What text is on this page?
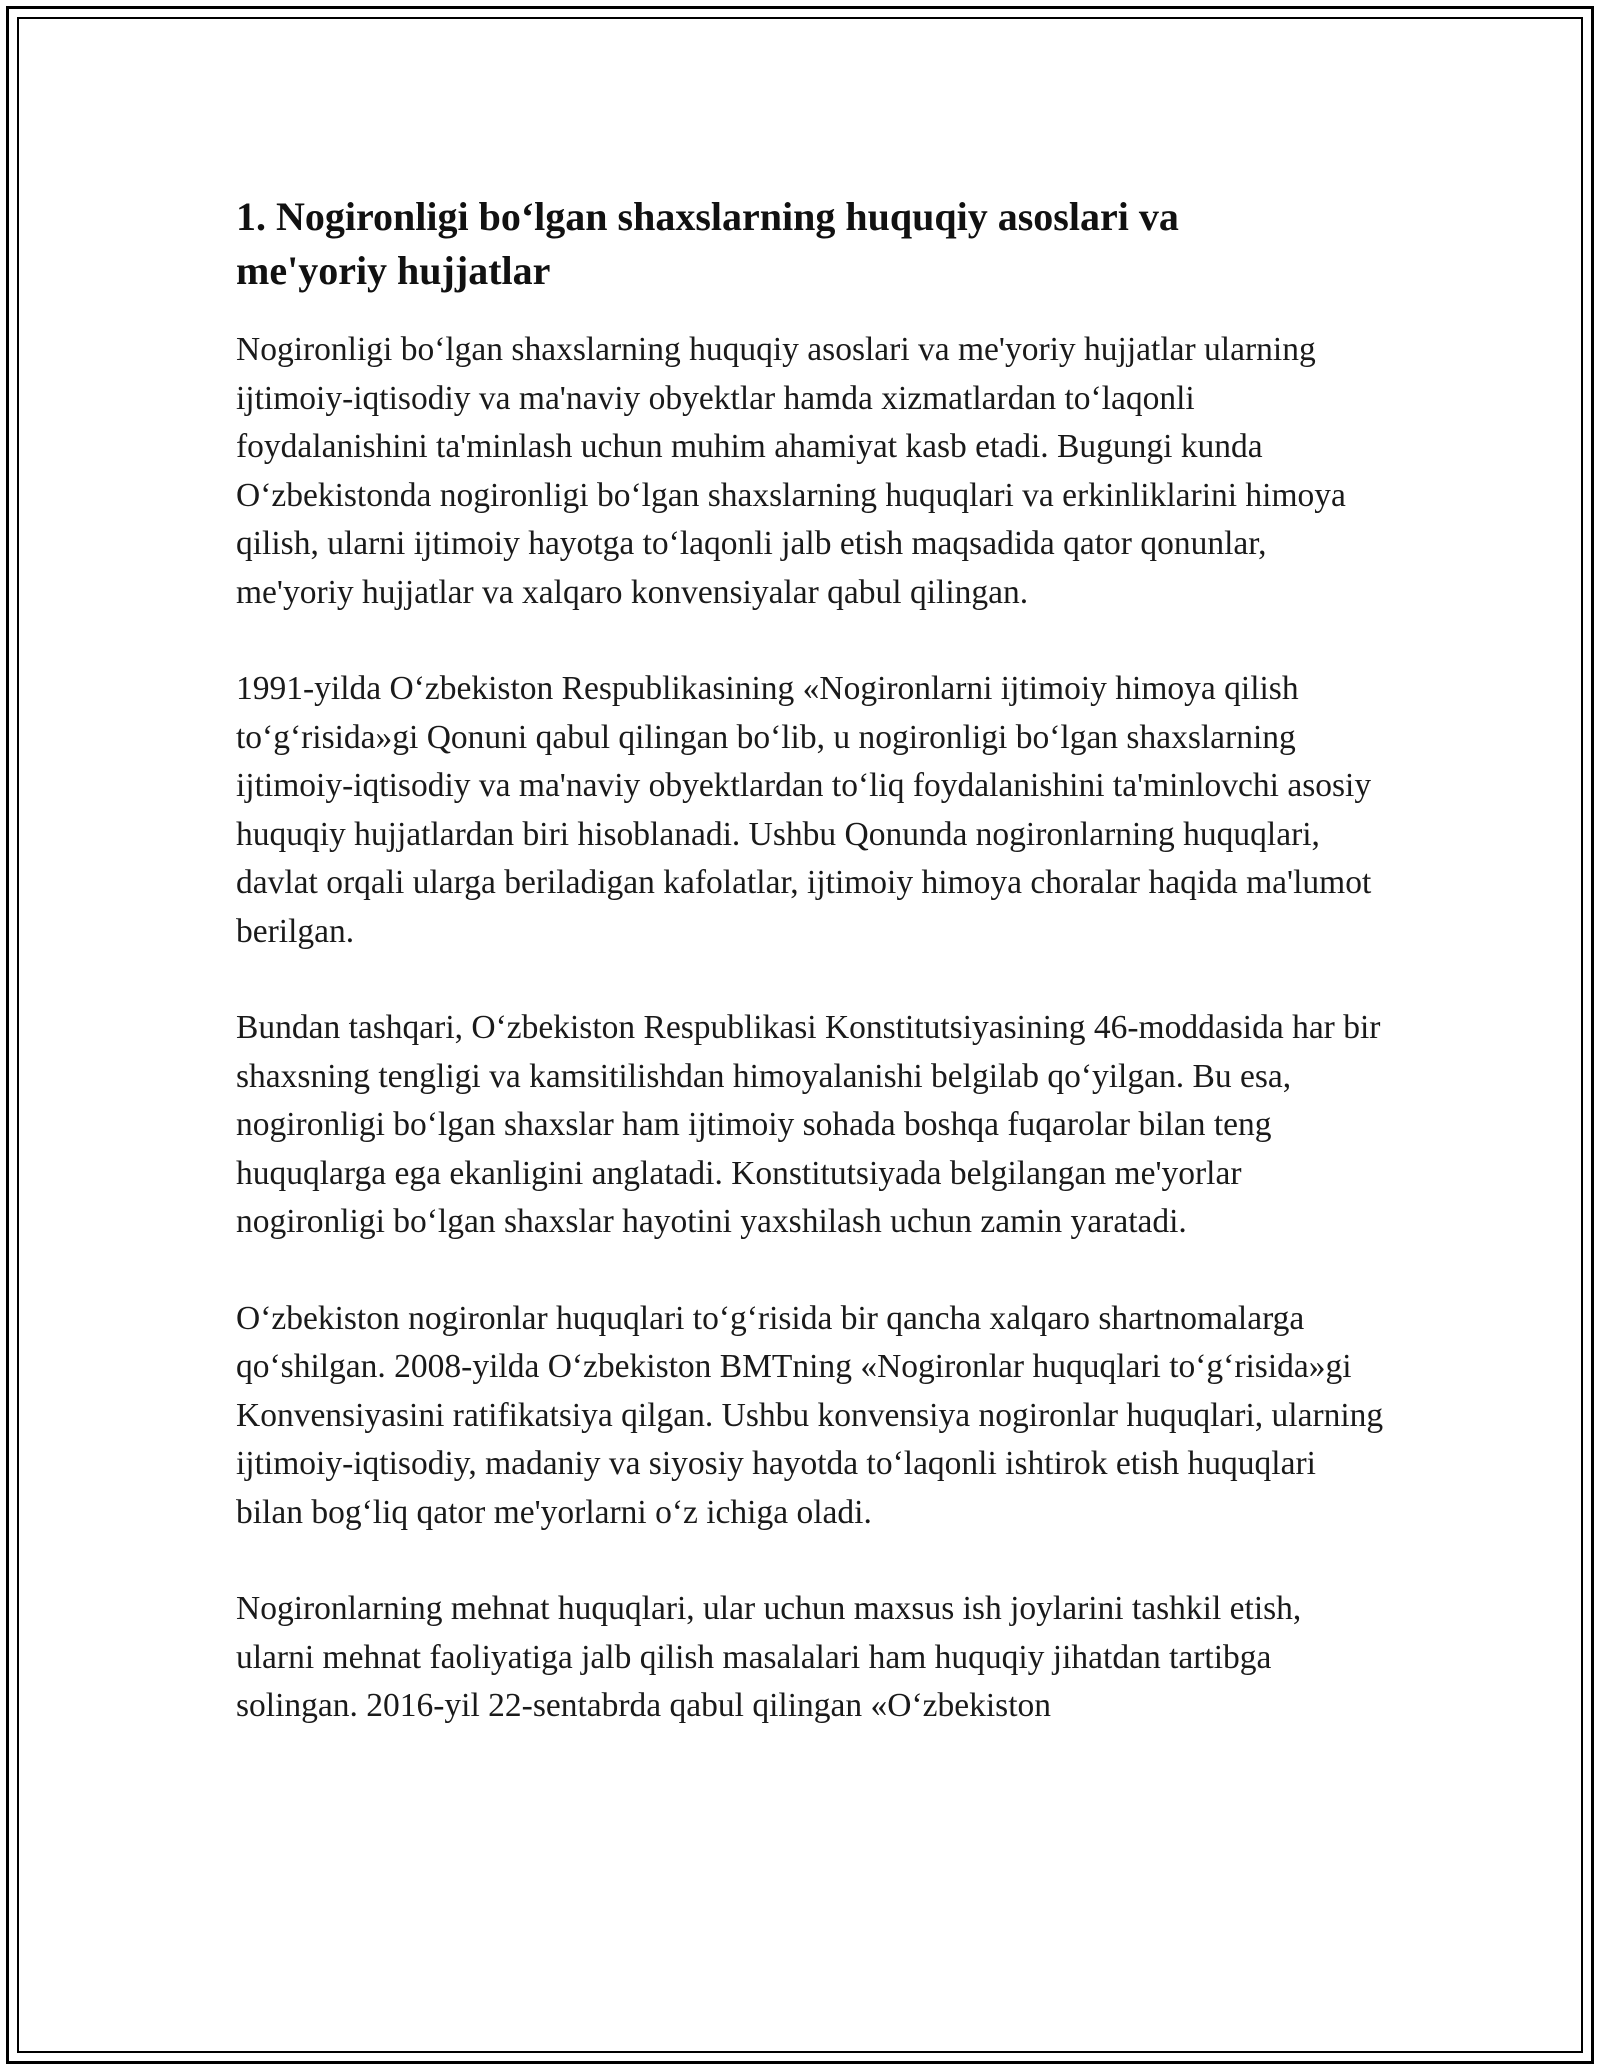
1. Nogironligi bo‘lgan shaxslarning huquqiy asoslari va me'yoriy hujjatlar

Nogironligi bo‘lgan shaxslarning huquqiy asoslari va me'yoriy hujjatlar ularning ijtimoiy-iqtisodiy va ma'naviy obyektlar hamda xizmatlardan to‘laqonli foydalanishini ta'minlash uchun muhim ahamiyat kasb etadi. Bugungi kunda O‘zbekistonda nogironligi bo‘lgan shaxslarning huquqlari va erkinliklarini himoya qilish, ularni ijtimoiy hayotga to‘laqonli jalb etish maqsadida qator qonunlar, me'yoriy hujjatlar va xalqaro konvensiyalar qabul qilingan.

1991-yilda O‘zbekiston Respublikasining «Nogironlarni ijtimoiy himoya qilish to‘g‘risida»gi Qonuni qabul qilingan bo‘lib, u nogironligi bo‘lgan shaxslarning ijtimoiy-iqtisodiy va ma'naviy obyektlardan to‘liq foydalanishini ta'minlovchi asosiy huquqiy hujjatlardan biri hisoblanadi. Ushbu Qonunda nogironlarning huquqlari, davlat orqali ularga beriladigan kafolatlar, ijtimoiy himoya choralar haqida ma'lumot berilgan.

Bundan tashqari, O‘zbekiston Respublikasi Konstitutsiyasining 46-moddasida har bir shaxsning tengligi va kamsitilishdan himoyalanishi belgilab qo‘yilgan. Bu esa, nogironligi bo‘lgan shaxslar ham ijtimoiy sohada boshqa fuqarolar bilan teng huquqlarga ega ekanligini anglatadi. Konstitutsiyada belgilangan me'yorlar nogironligi bo‘lgan shaxslar hayotini yaxshilash uchun zamin yaratadi.

O‘zbekiston nogironlar huquqlari to‘g‘risida bir qancha xalqaro shartnomalarga qo‘shilgan. 2008-yilda O‘zbekiston BMTning «Nogironlar huquqlari to‘g‘risida»gi Konvensiyasini ratifikatsiya qilgan. Ushbu konvensiya nogironlar huquqlari, ularning ijtimoiy-iqtisodiy, madaniy va siyosiy hayotda to‘laqonli ishtirok etish huquqlari bilan bog‘liq qator me'yorlarni o‘z ichiga oladi.

Nogironlarning mehnat huquqlari, ular uchun maxsus ish joylarini tashkil etish, ularni mehnat faoliyatiga jalb qilish masalalari ham huquqiy jihatdan tartibga solingan. 2016-yil 22-sentabrda qabul qilingan «O‘zbekiston
